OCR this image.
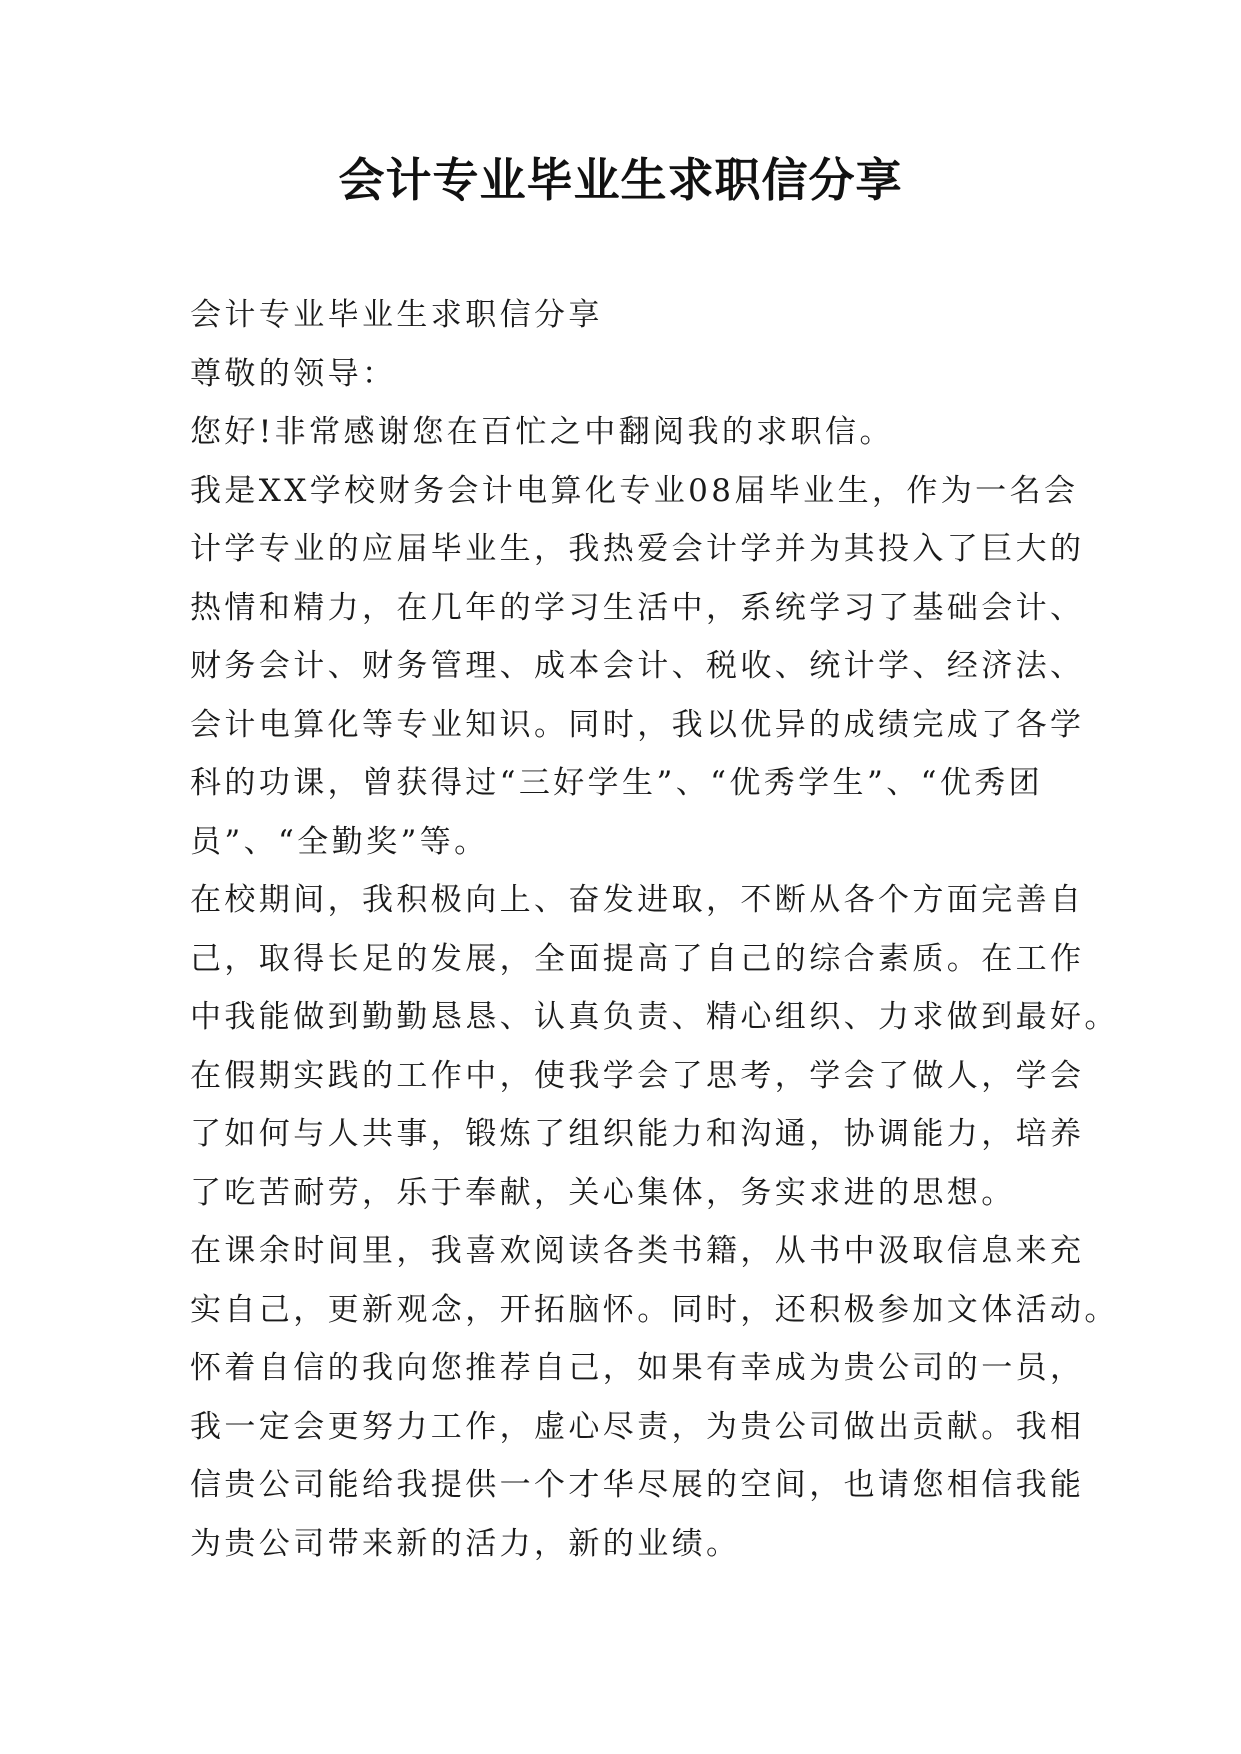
会计专业毕业生求职信分享
会计专业毕业生求职信分享
尊敬的领导：
您好!非常感谢您在百忙之中翻阅我的求职信。
我是XX学校财务会计电算化专业08届毕业生，作为一名会
计学专业的应届毕业生，我热爱会计学并为其投入了巨大的
热情和精力，在几年的学习生活中，系统学习了基础会计、
财务会计、财务管理、成本会计、税收、统计学、经济法、
会计电算化等专业知识。同时，我以优异的成绩完成了各学
科的功课，曾获得过“三好学生”、“优秀学生”、“优秀团
员”、“全勤奖”等。
在校期间，我积极向上、奋发进取，不断从各个方面完善自
己，取得长足的发展，全面提高了自己的综合素质。在工作
中我能做到勤勤恳恳、认真负责、精心组织、力求做到最好。
在假期实践的工作中，使我学会了思考，学会了做人，学会
了如何与人共事，锻炼了组织能力和沟通，协调能力，培养
了吃苦耐劳，乐于奉献，关心集体，务实求进的思想。
在课余时间里，我喜欢阅读各类书籍，从书中汲取信息来充
实自己，更新观念，开拓脑怀。同时，还积极参加文体活动。
怀着自信的我向您推荐自己，如果有幸成为贵公司的一员，
我一定会更努力工作，虚心尽责，为贵公司做出贡献。我相
信贵公司能给我提供一个才华尽展的空间，也请您相信我能
为贵公司带来新的活力，新的业绩。
